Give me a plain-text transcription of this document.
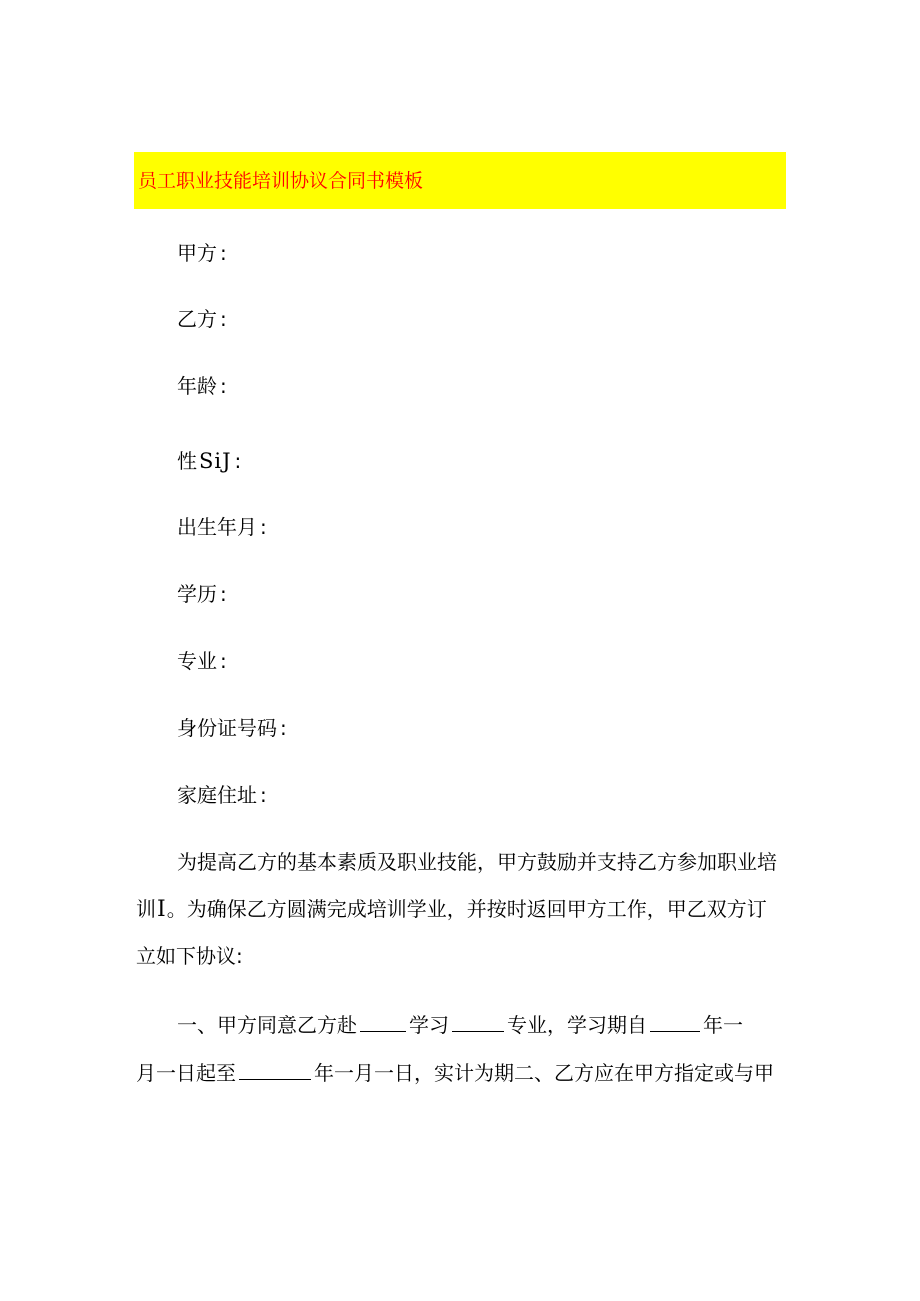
员工职业技能培训协议合同书模板
甲方 :
乙方 :
年龄 :
性SiJ :
出生年月 :
学历 :
专业 :
身份证号码 :
家庭住址 :
为提高乙方的基本素质及职业技能，甲方鼓励并支持乙方参加职业培
训I。为确保乙方圆满完成培训学业，并按时返回甲方工作，甲乙双方订
立如下协议:
一、甲方同意乙方赴	学习	专业，学习期自	年一
月一日起至	年一月一日，实计为期二、乙方应在甲方指定或与甲
